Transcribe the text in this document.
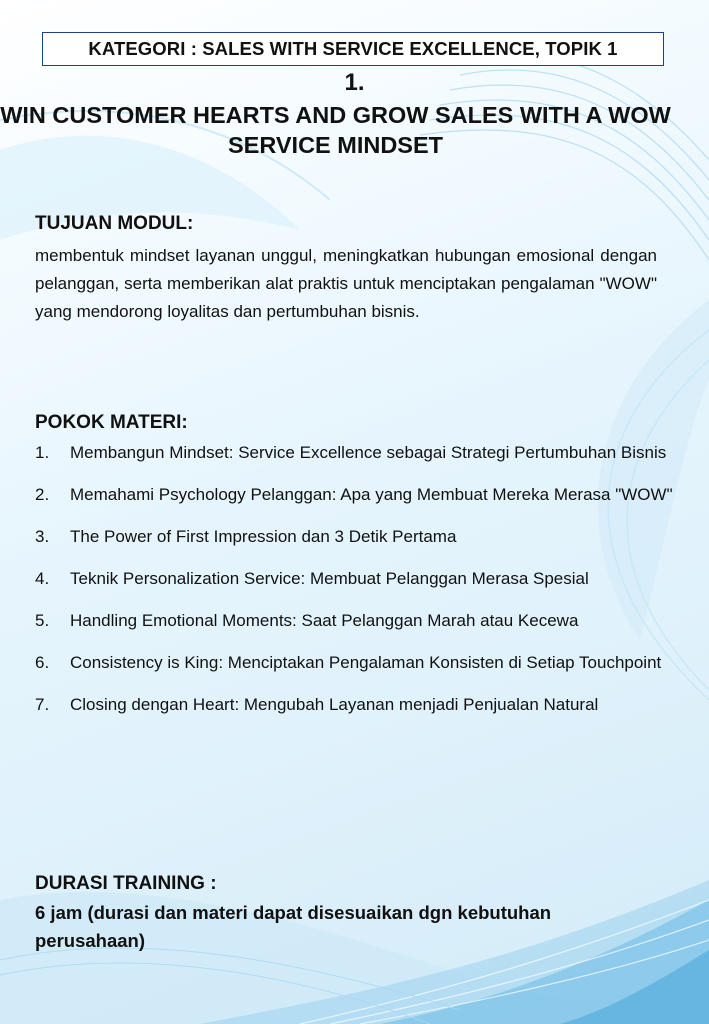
KATEGORI : SALES WITH SERVICE EXCELLENCE, TOPIK 1
1.
WIN CUSTOMER HEARTS AND GROW SALES WITH A WOW SERVICE MINDSET
TUJUAN MODUL:
membentuk mindset layanan unggul, meningkatkan hubungan emosional dengan pelanggan, serta memberikan alat praktis untuk menciptakan pengalaman "WOW" yang mendorong loyalitas dan pertumbuhan bisnis.
POKOK MATERI:
1.	Membangun Mindset: Service Excellence sebagai Strategi Pertumbuhan Bisnis
2.	Memahami Psychology Pelanggan: Apa yang Membuat Mereka Merasa "WOW"
3.	The Power of First Impression dan 3 Detik Pertama
4.	Teknik Personalization Service: Membuat Pelanggan Merasa Spesial
5.	Handling Emotional Moments: Saat Pelanggan Marah atau Kecewa
6.	Consistency is King: Menciptakan Pengalaman Konsisten di Setiap Touchpoint
7.	Closing dengan Heart: Mengubah Layanan menjadi Penjualan Natural
DURASI TRAINING :
6 jam (durasi dan materi dapat disesuaikan dgn kebutuhan perusahaan)
